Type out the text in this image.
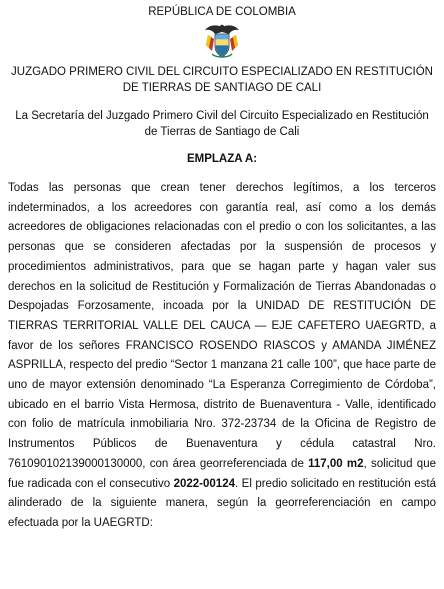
REPÚBLICA DE COLOMBIA
JUZGADO PRIMERO CIVIL DEL CIRCUITO ESPECIALIZADO EN RESTITUCIÓN
DE TIERRAS DE SANTIAGO DE CALI
La Secretaría del Juzgado Primero Civil del Circuito Especializado en Restitución
de Tierras de Santiago de Cali
EMPLAZA A:
Todas las personas que crean tener derechos legítimos, a los terceros indeterminados, a los acreedores con garantía real, así como a los demás acreedores de obligaciones relacionadas con el predio o con los solicitantes, a las personas que se consideren afectadas por la suspensión de procesos y procedimientos administrativos, para que se hagan parte y hagan valer sus derechos en la solicitud de Restitución y Formalización de Tierras Abandonadas o Despojadas Forzosamente, incoada por la UNIDAD DE RESTITUCIÓN DE TIERRAS TERRITORIAL VALLE DEL CAUCA — EJE CAFETERO UAEGRTD, a favor de los señores FRANCISCO ROSENDO RIASCOS y AMANDA JIMÉNEZ ASPRILLA, respecto del predio “Sector 1 manzana 21 calle 100”, que hace parte de uno de mayor extensión denominado “La Esperanza Corregimiento de Córdoba”, ubicado en el barrio Vista Hermosa, distrito de Buenaventura - Valle, identificado con folio de matrícula inmobiliaria Nro. 372-23734 de la Oficina de Registro de Instrumentos Públicos de Buenaventura y cédula catastral Nro. 761090102139000130000, con área georreferenciada de 117,00 m2, solicitud que fue radicada con el consecutivo 2022-00124. El predio solicitado en restitución está alinderado de la siguiente manera, según la georreferenciación en campo efectuada por la UAEGRTD:
